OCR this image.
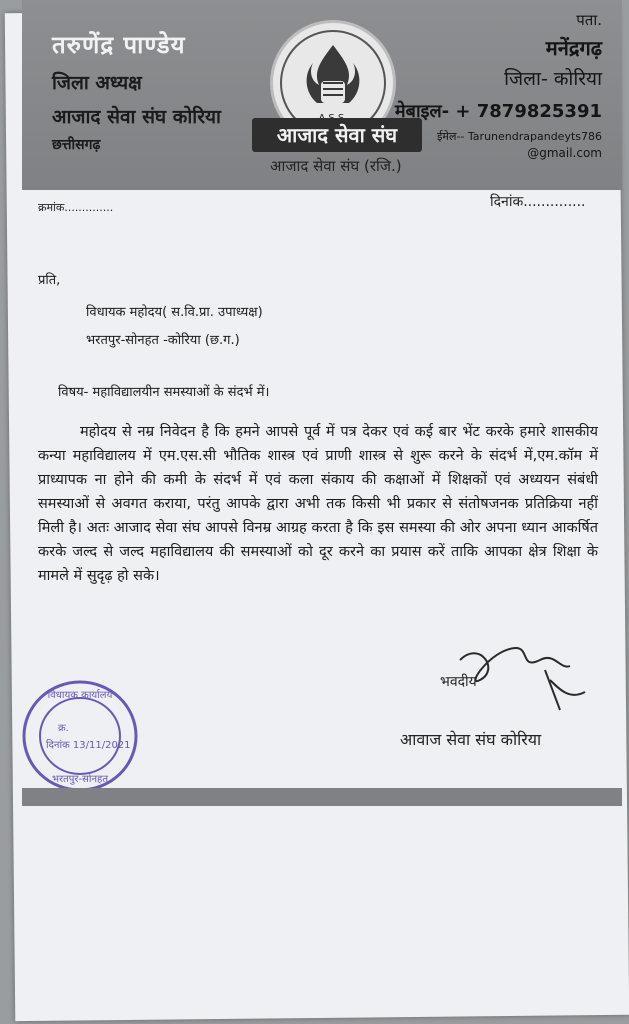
तरुणेंद्र पाण्डेय
जिला अध्यक्ष
आजाद सेवा संघ कोरिया
छत्तीसगढ़	आजाद सेवा संघ
आजाद सेवा संघ (रजि.)
पता.
मनेंद्रगढ़
जिला- कोरिया
मेबाइल- + 7879825391
ईमेल-- Tarunendrapandeyts786
@gmail.com
क्रमांक..............	दिनांक..............
प्रति,
विधायक महोदय( स.वि.प्रा. उपाध्यक्ष)
भरतपुर-सोनहत -कोरिया (छ.ग.)
विषय- महाविद्यालयीन समस्याओं के संदर्भ में।
महोदय से नम्र निवेदन है कि हमने आपसे पूर्व में पत्र देकर एवं कई बार भेंट करके हमारे शासकीय कन्या महाविद्यालय में एम.एस.सी भौतिक शास्त्र एवं प्राणी शास्त्र से शुरू करने के संदर्भ में,एम.कॉम में प्राध्यापक ना होने की कमी के संदर्भ में एवं कला संकाय की कक्षाओं में शिक्षकों एवं अध्ययन संबंधी समस्याओं से अवगत कराया, परंतु आपके द्वारा अभी तक किसी भी प्रकार से संतोषजनक प्रतिक्रिया नहीं मिली है। अतः आजाद सेवा संघ आपसे विनम्र आग्रह करता है कि इस समस्या की ओर अपना ध्यान आकर्षित करके जल्द से जल्द महाविद्यालय की समस्याओं को दूर करने का प्रयास करें ताकि आपका क्षेत्र शिक्षा के मामले में सुदृढ़ हो सके।
भवदीय
आवाज सेवा संघ कोरिया
विधायक कार्यालय
क्र.
दिनांक 13/11/2021
भरतपुर-सोनहत
